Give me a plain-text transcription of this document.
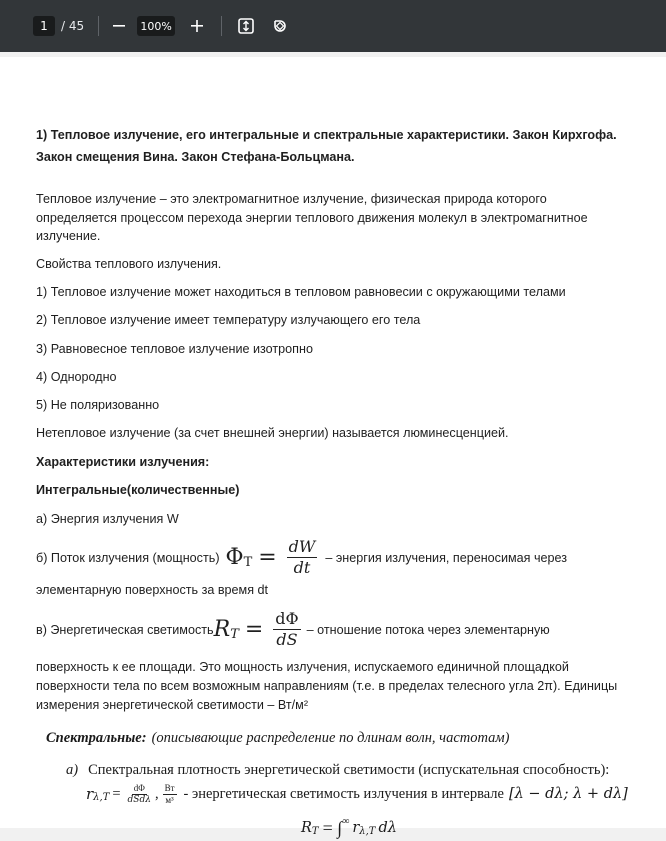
1 / 45	100%
1) Тепловое излучение, его интегральные и спектральные характеристики. Закон Кирхгофа. Закон смещения Вина. Закон Стефана-Больцмана.
Тепловое излучение – это электромагнитное излучение, физическая природа которого определяется процессом перехода энергии теплового движения молекул в электромагнитное излучение.
Свойства теплового излучения.
1) Тепловое излучение может находиться в тепловом равновесии с окружающими телами
2) Тепловое излучение имеет температуру излучающего его тела
3) Равновесное тепловое излучение изотропно
4) Однородно
5) Не поляризованно
Нетепловое излучение (за счет внешней энергии) называется люминесценцией.
Характеристики излучения:
Интегральные(количественные)
а) Энергия излучения W
б) Поток излучения (мощность) Φ $T = \frac{dW}{dt}$ – энергия излучения, переносимая через
элементарную поверхность за время dt
в) Энергетическая светимость R $T = \frac{d\Phi}{dS}$ – отношение потока через элементарную
поверхность к ее площади. Это мощность излучения, испускаемого единичной площадкой поверхности тела по всем возможным направлениям (т.е. в пределах телесного угла 2π). Единицы измерения энергетической светимости – Вт/м²
Спектральные: (описывающие распределение по длинам волн, частотам)
а) Спектральная плотность энергетической светимости (испускательная способность):
r $\lambda,T = \frac{d\Phi}{\text{dSdλ}}$ , $\frac{Вт}{\text{м³}}$ - энергетическая светимость излучения в интервале [λ − dλ; λ + dλ]
R T = ∫ ∞ r λ,T dλ
